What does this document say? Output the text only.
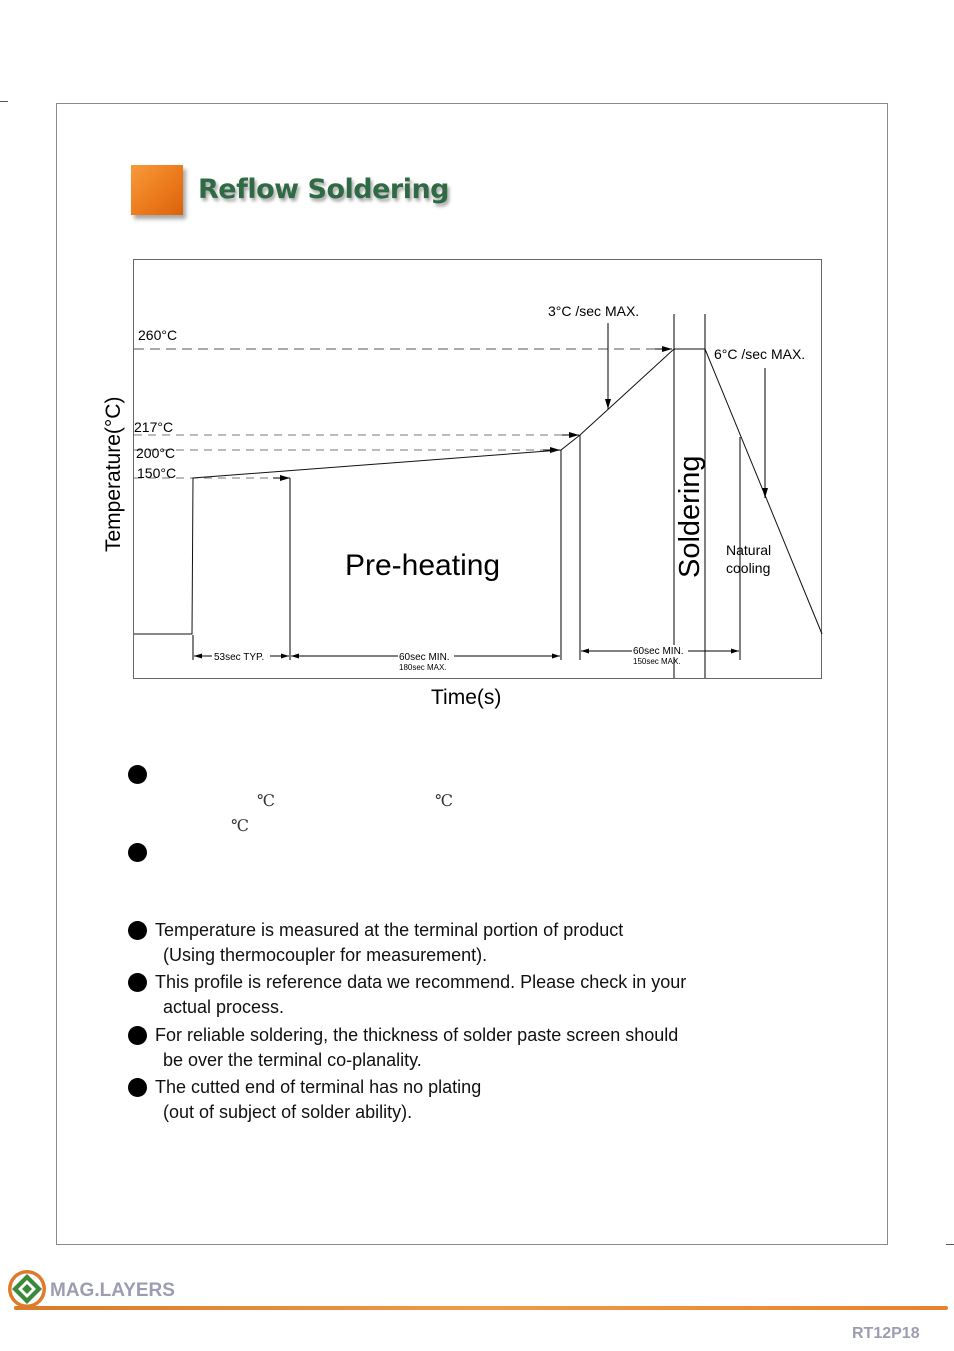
Reflow Soldering
260°C
217°C
200°C
150°C
3°C /sec MAX.
6°C /sec MAX.
Pre-heating	Soldering Natural
cooling
53sec TYP.	60sec MIN.
180sec MAX.
60sec MIN.
150sec MAX.
Temperature(°C)
Time(s)
℃	℃
℃
Temperature is measured at the terminal portion of product
(Using thermocoupler for measurement).
This profile is reference data we recommend. Please check in your
actual process.
For reliable soldering, the thickness of solder paste screen should
be over the terminal co-planality.
The cutted end of terminal has no plating
(out of subject of solder ability).
MAG.LAYERS
RT12P18
